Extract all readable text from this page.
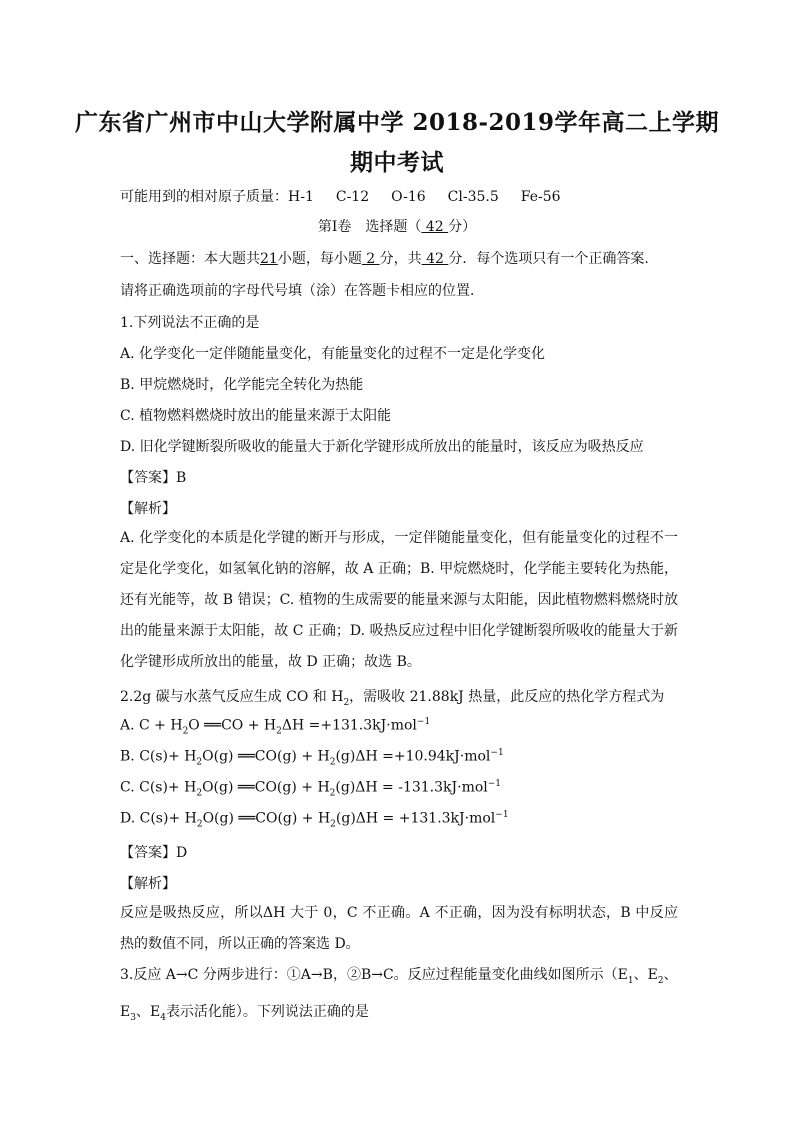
广东省广州市中山大学附属中学 2018-2019学年高二上学期
期中考试
可能用到的相对原子质量：H-1 C-12 O-16 Cl-35.5 Fe-56
第Ⅰ卷　选择题（ 42 分）
一、选择题：本大题共21小题，每小题 2 分，共 42 分．每个选项只有一个正确答案.
请将正确选项前的字母代号填（涂）在答题卡相应的位置．
1.下列说法不正确的是
A. 化学变化一定伴随能量变化，有能量变化的过程不一定是化学变化
B. 甲烷燃烧时，化学能完全转化为热能
C. 植物燃料燃烧时放出的能量来源于太阳能
D. 旧化学键断裂所吸收的能量大于新化学键形成所放出的能量时，该反应为吸热反应
【答案】B
【解析】
A. 化学变化的本质是化学键的断开与形成，一定伴随能量变化，但有能量变化的过程不一定是化学变化，如氢氧化钠的溶解，故 A 正确；B. 甲烷燃烧时，化学能主要转化为热能，还有光能等，故 B 错误；C. 植物的生成需要的能量来源与太阳能，因此植物燃料燃烧时放出的能量来源于太阳能，故 C 正确；D. 吸热反应过程中旧化学键断裂所吸收的能量大于新化学键形成所放出的能量，故 D 正确；故选 B。
2.2g 碳与水蒸气反应生成 CO 和 $H_2$，需吸收 21.88kJ 热量，此反应的热化学方程式为
A. $C + H_2O$ ══CO + $H_2\Delta H =+131.3kJ\cdot mol^{-1}$
B. $C(s)+ H_2O(g)$ ══CO(g) + $H_2(g)\Delta H =+10.94kJ\cdot mol^{-1}$
C. $C(s)+ H_2O(g)$ ══CO(g) + $H_2(g)\Delta H = -131.3kJ\cdot mol^{-1}$
D. $C(s)+ H_2O(g)$ ══CO(g) + $H_2(g)\Delta H = +131.3kJ\cdot mol^{-1}$
【答案】D
【解析】
反应是吸热反应，所以ΔH 大于 0，C 不正确。A 不正确，因为没有标明状态，B 中反应热的数值不同，所以正确的答案选 D。
3.反应 A→C 分两步进行：①A→B，②B→C。反应过程能量变化曲线如图所示（$E_1$、$E_2$、
$E_3$、$E_4$表示活化能）。下列说法正确的是
